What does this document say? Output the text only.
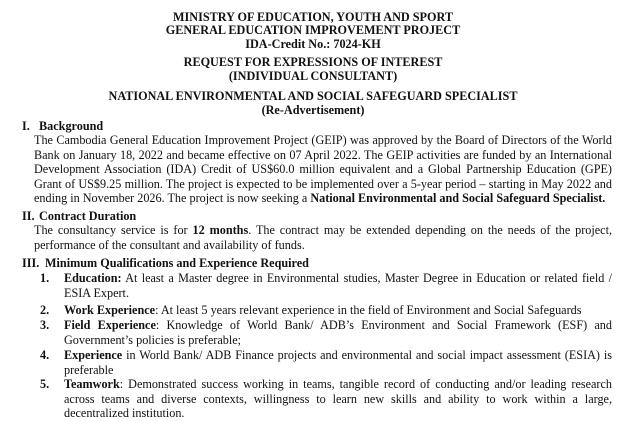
MINISTRY OF EDUCATION, YOUTH AND SPORT
GENERAL EDUCATION IMPROVEMENT PROJECT
IDA-Credit No.: 7024-KH
REQUEST FOR EXPRESSIONS OF INTEREST
(INDIVIDUAL CONSULTANT)
NATIONAL ENVIRONMENTAL AND SOCIAL SAFEGUARD SPECIALIST
(Re-Advertisement)
I. Background
The Cambodia General Education Improvement Project (GEIP) was approved by the Board of Directors of the World Bank on January 18, 2022 and became effective on 07 April 2022. The GEIP activities are funded by an International Development Association (IDA) Credit of US$60.0 million equivalent and a Global Partnership Education (GPE) Grant of US$9.25 million. The project is expected to be implemented over a 5-year period – starting in May 2022 and ending in November 2026. The project is now seeking a National Environmental and Social Safeguard Specialist.
II. Contract Duration
The consultancy service is for 12 months. The contract may be extended depending on the needs of the project, performance of the consultant and availability of funds.
III. Minimum Qualifications and Experience Required
1. Education: At least a Master degree in Environmental studies, Master Degree in Education or related field / ESIA Expert.
2. Work Experience: At least 5 years relevant experience in the field of Environment and Social Safeguards
3. Field Experience: Knowledge of World Bank/ ADB’s Environment and Social Framework (ESF) and Government’s policies is preferable;
4. Experience in World Bank/ ADB Finance projects and environmental and social impact assessment (ESIA) is preferable
5. Teamwork: Demonstrated success working in teams, tangible record of conducting and/or leading research across teams and diverse contexts, willingness to learn new skills and ability to work within a large, decentralized institution.
